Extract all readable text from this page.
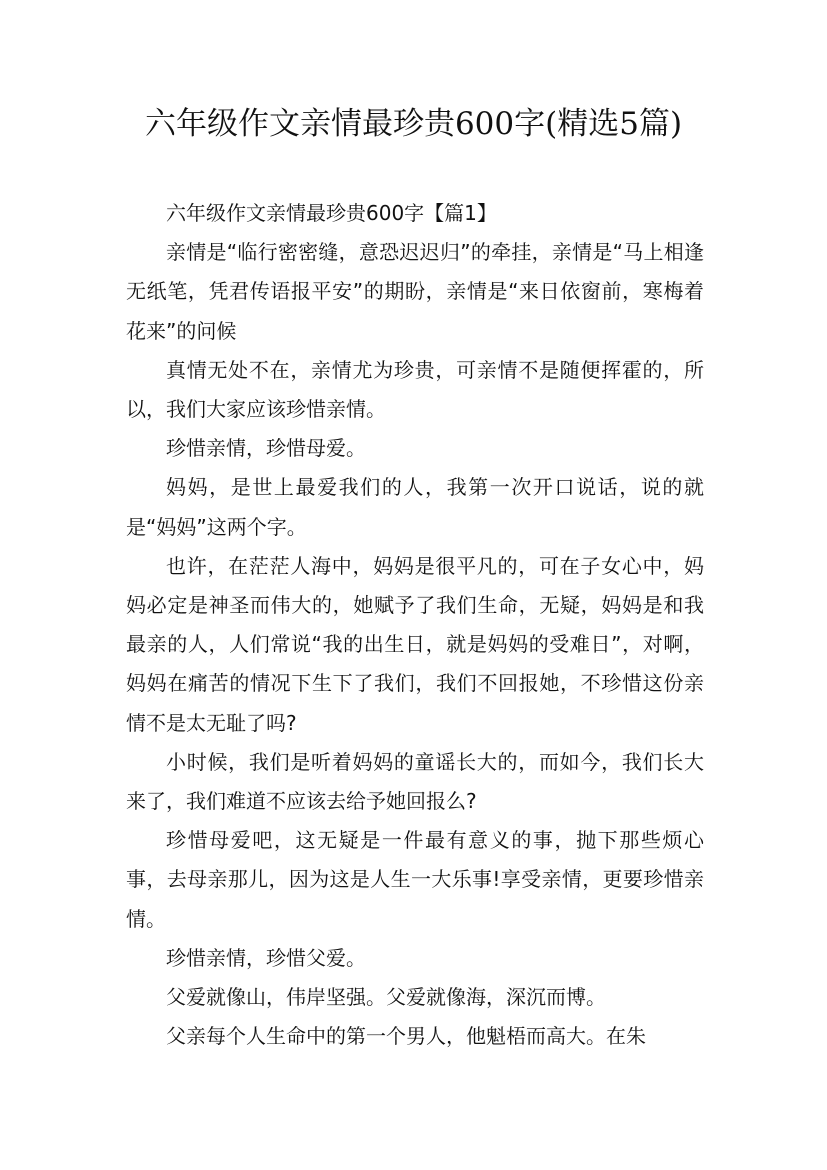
六年级作文亲情最珍贵600字(精选5篇)

六年级作文亲情最珍贵600字【篇1】

亲情是“临行密密缝，意恐迟迟归”的牵挂，亲情是“马上相逢无纸笔，凭君传语报平安”的期盼，亲情是“来日依窗前，寒梅着花来”的问候

真情无处不在，亲情尤为珍贵，可亲情不是随便挥霍的，所以，我们大家应该珍惜亲情。

珍惜亲情，珍惜母爱。

妈妈，是世上最爱我们的人，我第一次开口说话，说的就是“妈妈”这两个字。

也许，在茫茫人海中，妈妈是很平凡的，可在子女心中，妈妈必定是神圣而伟大的，她赋予了我们生命，无疑，妈妈是和我最亲的人，人们常说“我的出生日，就是妈妈的受难日”，对啊，妈妈在痛苦的情况下生下了我们，我们不回报她，不珍惜这份亲情不是太无耻了吗?

小时候，我们是听着妈妈的童谣长大的，而如今，我们长大来了，我们难道不应该去给予她回报么?

珍惜母爱吧，这无疑是一件最有意义的事，抛下那些烦心事，去母亲那儿，因为这是人生一大乐事!享受亲情，更要珍惜亲情。

珍惜亲情，珍惜父爱。

父爱就像山，伟岸坚强。父爱就像海，深沉而博。

父亲每个人生命中的第一个男人，他魁梧而高大。在朱
